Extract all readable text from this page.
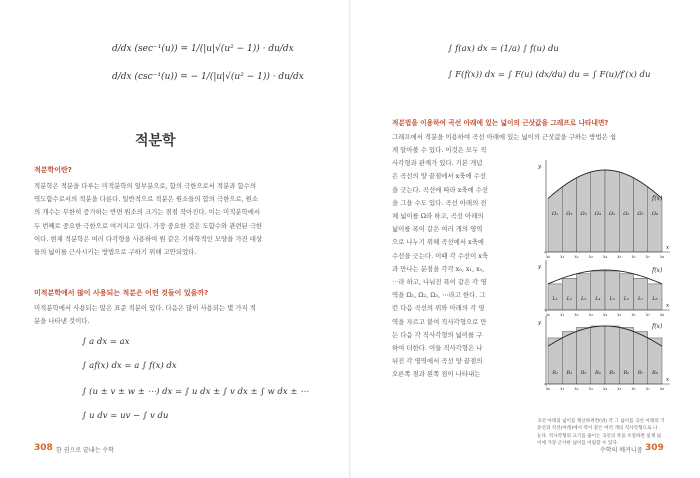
d/dx (sec⁻¹(u)) = 1/(|u|√(u² − 1)) · du/dx
d/dx (csc⁻¹(u)) = − 1/(|u|√(u² − 1)) · du/dx
적분학
적분학이란?
적분학은 적분을 다루는 미적분학의 일부분으로, 함의 극한으로서 적분과 함수의
역도함수로서의 적분을 다룬다. 일반적으로 적분은 원소들의 합의 극한으로, 원소
의 개수는 무한히 증가하는 반면 원소의 크기는 점점 작아진다. 이는 미적분학에서
두 번째로 중요한 극한으로 여겨지고 있다. 가장 중요한 것은 도함수와 관련된 극한
이다. 현재 적분학은 여러 다각형을 사용하여 원 같은 기하학적인 모양을 가진 대상
들의 넓이를 근사시키는 방법으로 구하기 위해 고안되었다.
미적분학에서 많이 사용되는 적분은 어떤 것들이 있을까?
미적분학에서 사용되는 많은 표준 적분이 있다. 다음은 많이 사용되는 몇 가지 적
분을 나타낸 것이다.
∫ a dx = ax
∫ af(x) dx = a ∫ f(x) dx
∫ (u ± v ± w ± ⋯) dx = ∫ u dx ± ∫ v dx ± ∫ w dx ± ⋯
∫ u dv = uv − ∫ v du
308 한 권으로 끝내는 수학
∫ f(ax) dx = (1/a) ∫ f(u) du
∫ F(f(x)) dx = ∫ F(u) (dx/du) du = ∫ F(u)/f′(x) du
적분법을 이용하여 곡선 아래에 있는 넓이의 근삿값을 그래프로 나타내면?
그래프에서 적분을 이용하여 곡선 아래에 있는 넓이의 근삿값을 구하는 방법은 쉽
게 알아볼 수 있다. 이것은 모두 직
사각형과 관계가 있다. 기본 개념
은 곡선의 양 끝점에서 x축에 수선
을 긋는다. 곡선에 따라 x축에 수선
을 그을 수도 있다. 곡선 아래의 전
체 넓이를 Ω라 하고, 곡선 아래의
넓이를 폭이 같은 여러 개의 영역
으로 나누기 위해 곡선에서 x축에
수선을 긋는다. 이때 각 수선이 x축
과 만나는 분점을 각각 x₀, x₁, x₂,
⋯라 하고, 나눠진 폭이 같은 각 영
역을 Ω₁, Ω₂, Ω₃, ⋯라고 한다. 그
런 다음 곡선의 위와 아래의 각 영
역을 자르고 붙여 직사각형으로 만
든 다음 각 직사각형의 넓이를 구
하여 더한다. 이들 직사각형은 나
뉘진 각 영역에서 곡선 양 끝점의
오른쪽 점과 왼쪽 점이 나타내는
Ω₁ Ω₂ Ω₃ Ω₄ Ω₅ Ω₆ Ω₇ Ω₈
y
x
f(x)
x₀ x₁ x₂ x₃ x₄ x₅ x₆ x₇ x₈
L₁ L₂ L₃ L₄ L₅ L₆ L₇ L₈
y
x
f(x)
x₀ x₁ x₂ x₃ x₄ x₅ x₆ x₇ x₈
R₁ R₂ R₃ R₄ R₅ R₆ R₇ R₈
y
x
f(x)
x₀ x₁ x₂ x₃ x₄ x₅ x₆ x₇ x₈
곡선 아래의 넓이를 계산하려면(위) 각 그 넓이를 곡선 아래의 기
준선과 직선(아래)에서 폭이 같은 여러 개의 직사각형으로 나
눈다. 직사각형의 크기를 줄이는 곡선의 폭을 조절하면 실제 넓
이에 가장 근사한 넓이를 어림할 수 있다.
수학의 메커니즘 309
